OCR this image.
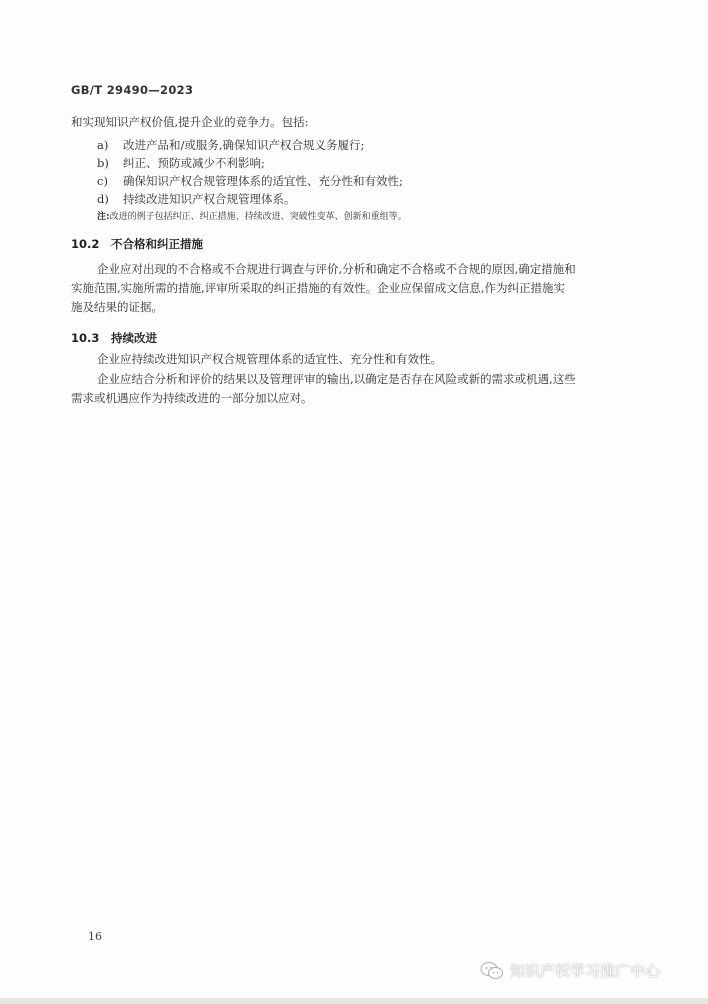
GB/T 29490—2023
和实现知识产权价值,提升企业的竞争力。包括:
a) 改进产品和/或服务,确保知识产权合规义务履行;
b) 纠正、预防或减少不利影响;
c) 确保知识产权合规管理体系的适宜性、充分性和有效性;
d) 持续改进知识产权合规管理体系。
注:改进的例子包括纠正、纠正措施、持续改进、突破性变革、创新和重组等。
10.2 不合格和纠正措施
企业应对出现的不合格或不合规进行调查与评价,分析和确定不合格或不合规的原因,确定措施和
实施范围,实施所需的措施,评审所采取的纠正措施的有效性。企业应保留成文信息,作为纠正措施实
施及结果的证据。
10.3 持续改进
企业应持续改进知识产权合规管理体系的适宜性、充分性和有效性。
企业应结合分析和评价的结果以及管理评审的输出,以确定是否存在风险或新的需求或机遇,这些
需求或机遇应作为持续改进的一部分加以应对。
16
知识产权学习推广中心
